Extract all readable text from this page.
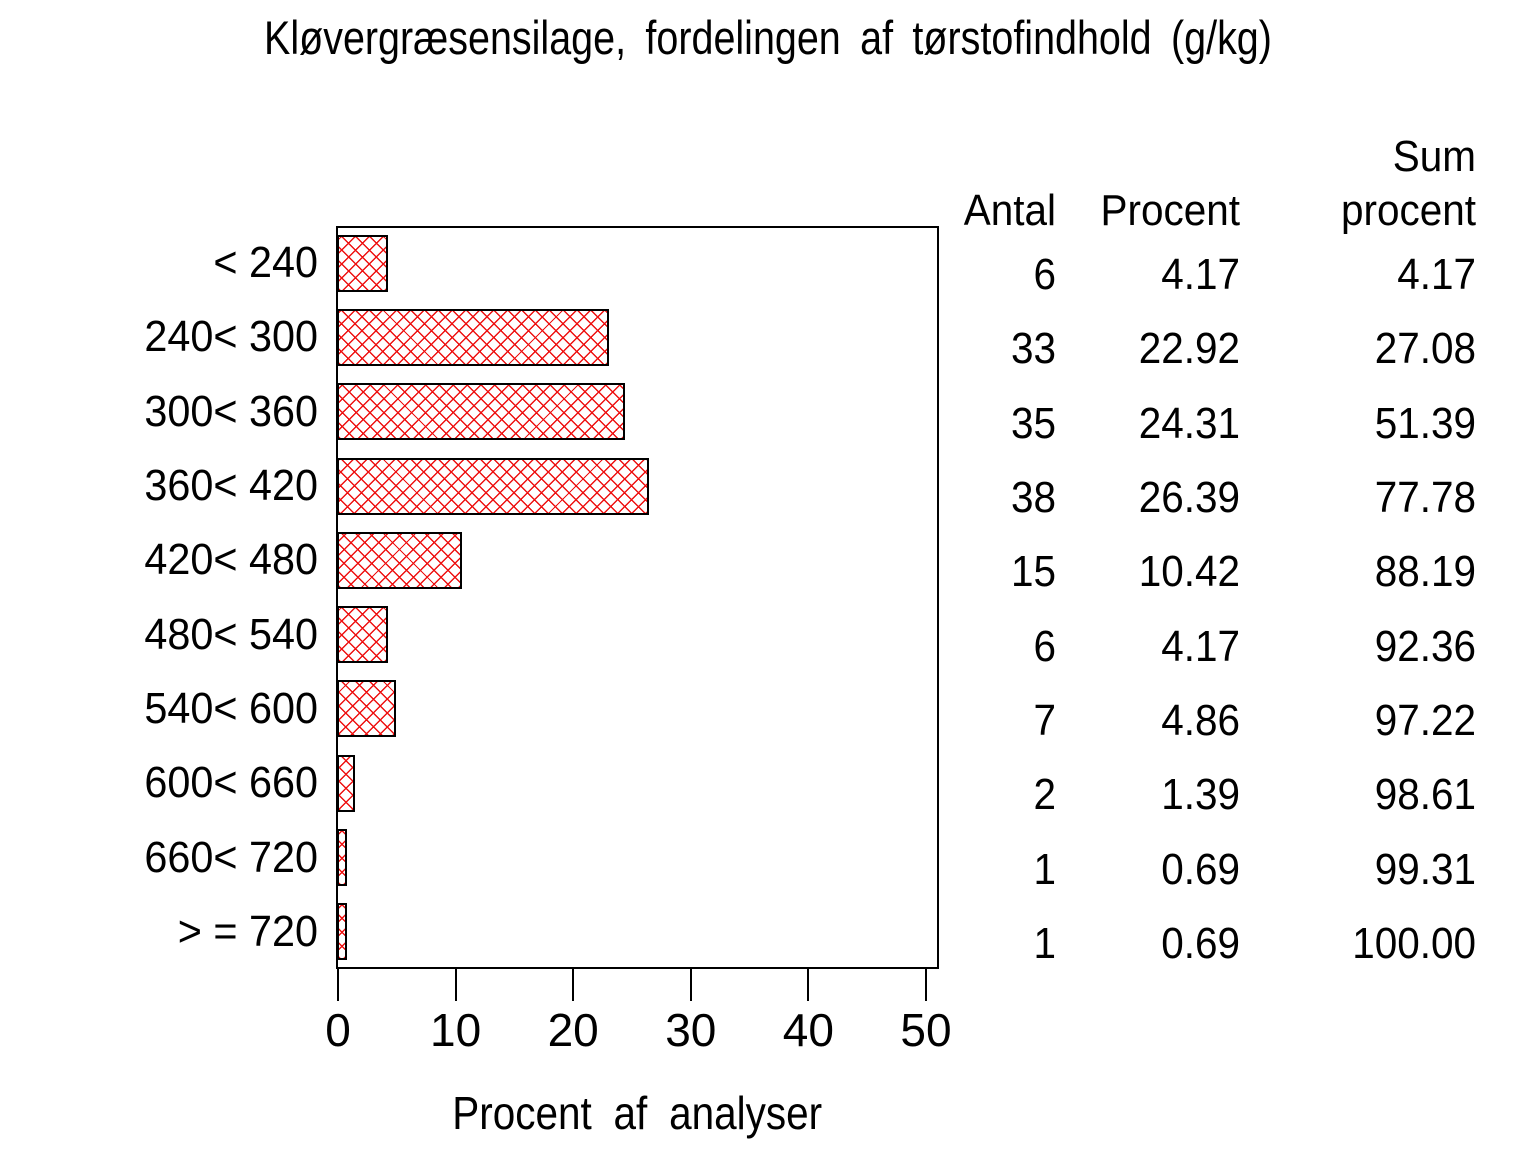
Kløvergræsensilage, fordelingen af tørstofindhold (g/kg)
< 240
240< 300
300< 360
360< 420
420< 480
480< 540
540< 600
600< 660
660< 720
> = 720
0	10	20	30	40	50
Procent af analyser
Sum
Antal	Procent	procent
6	4.17	4.17
33	22.92	27.08
35	24.31	51.39
38	26.39	77.78
15	10.42	88.19
6	4.17	92.36
7	4.86	97.22
2	1.39	98.61
1	0.69	99.31
1	0.69	100.00
